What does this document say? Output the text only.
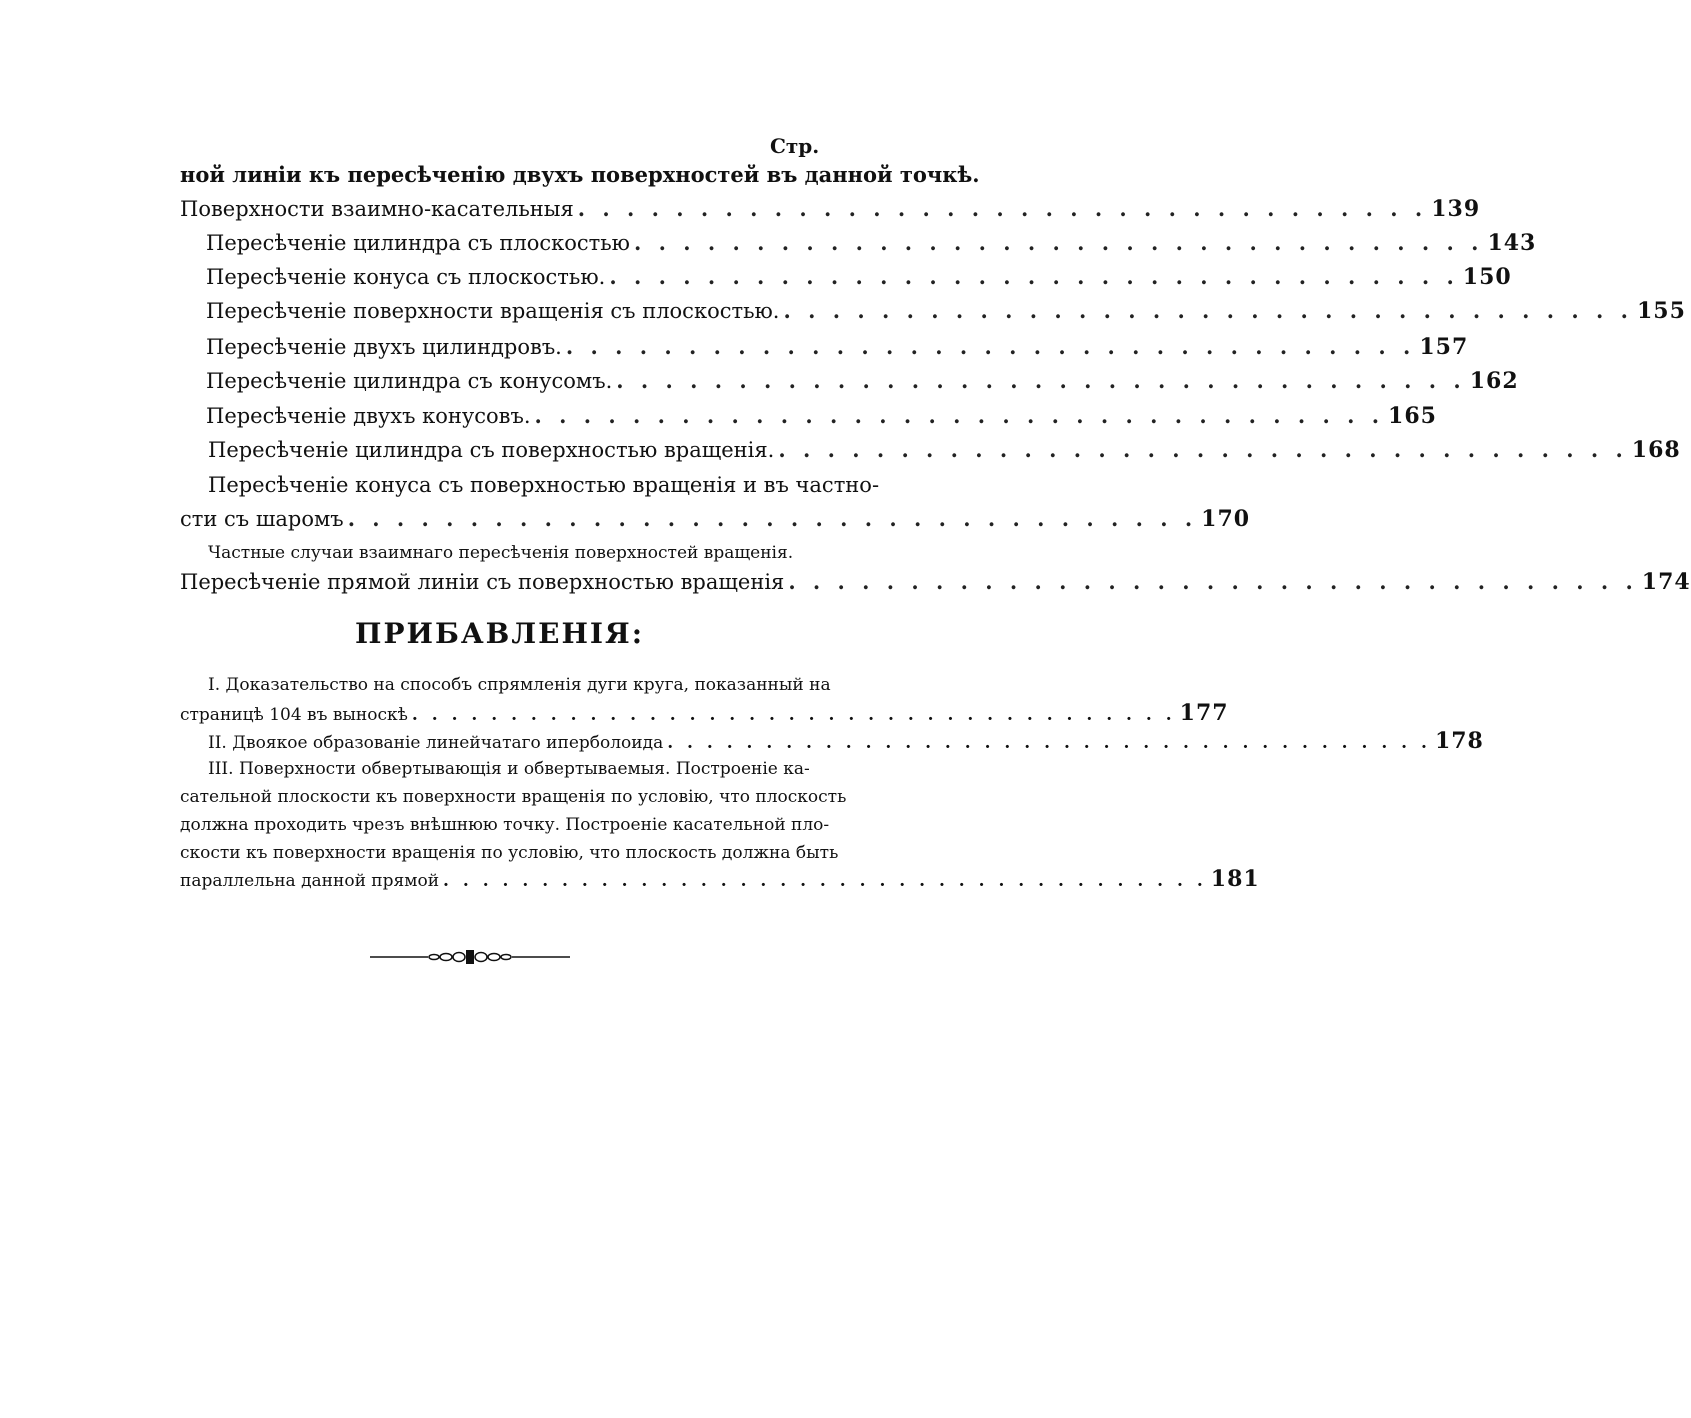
Стр.
ной линіи къ пересѣченію двухъ поверхностей въ данной точкѣ.
Поверхности взаимно-касательныя . . . . . . . . . . . . . . . . . . . . . . . . . . . . . . . . . . . 139
Пересѣченіе цилиндра съ плоскостью . . . . . . . . . . . . . . . . . . . . . . . . . . . . . . . . . . . 143
Пересѣченіе конуса съ плоскостью. . . . . . . . . . . . . . . . . . . . . . . . . . . . . . . . . . . . 150
Пересѣченіе поверхности вращенія съ плоскостью. . . . . . . . . . . . . . . . . . . . . . . . . . . . . . . . . . . . 155
Пересѣченіе двухъ цилиндровъ. . . . . . . . . . . . . . . . . . . . . . . . . . . . . . . . . . . . 157
Пересѣченіе цилиндра съ конусомъ. . . . . . . . . . . . . . . . . . . . . . . . . . . . . . . . . . . . 162
Пересѣченіе двухъ конусовъ. . . . . . . . . . . . . . . . . . . . . . . . . . . . . . . . . . . . 165
Пересѣченіе цилиндра съ поверхностью вращенія. . . . . . . . . . . . . . . . . . . . . . . . . . . . . . . . . . . . 168
Пересѣченіе конуса съ поверхностью вращенія и въ частно-
сти съ шаромъ . . . . . . . . . . . . . . . . . . . . . . . . . . . . . . . . . . . 170
Частные случаи взаимнаго пересѣченія поверхностей вращенія.
Пересѣченіе прямой линіи съ поверхностью вращенія . . . . . . . . . . . . . . . . . . . . . . . . . . . . . . . . . . . 174
ПРИБАВЛЕНІЯ:
I. Доказательство на способъ спрямленія дуги круга, показанный на
страницѣ 104 въ выноскѣ . . . . . . . . . . . . . . . . . . . . . . . . . . . . . . . . . . . . . . . 177
II. Двоякое образованіе линейчатаго иперболоида . . . . . . . . . . . . . . . . . . . . . . . . . . . . . . . . . . . . . . . 178
III. Поверхности обвертывающія и обвертываемыя. Построеніе ка-
сательной плоскости къ поверхности вращенія по условію, что плоскость
должна проходить чрезъ внѣшнюю точку. Построеніе касательной пло-
скости къ поверхности вращенія по условію, что плоскость должна быть
параллельна данной прямой . . . . . . . . . . . . . . . . . . . . . . . . . . . . . . . . . . . . . . . 181
